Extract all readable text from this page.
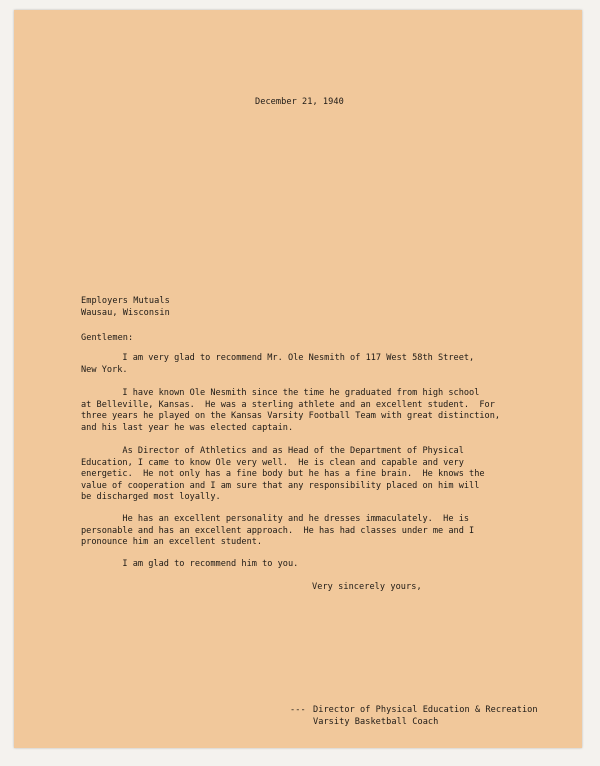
December 21, 1940
Employers Mutuals
Wausau, Wisconsin
Gentlemen:
I am very glad to recommend Mr. Ole Nesmith of 117 West 58th Street,
New York.
I have known Ole Nesmith since the time he graduated from high school
at Belleville, Kansas.  He was a sterling athlete and an excellent student.  For
three years he played on the Kansas Varsity Football Team with great distinction,
and his last year he was elected captain.
As Director of Athletics and as Head of the Department of Physical
Education, I came to know Ole very well.  He is clean and capable and very
energetic.  He not only has a fine body but he has a fine brain.  He knows the
value of cooperation and I am sure that any responsibility placed on him will
be discharged most loyally.
He has an excellent personality and he dresses immaculately.  He is
personable and has an excellent approach.  He has had classes under me and I
pronounce him an excellent student.
I am glad to recommend him to you.
Very sincerely yours,
--- Director of Physical Education & Recreation
Varsity Basketball Coach
